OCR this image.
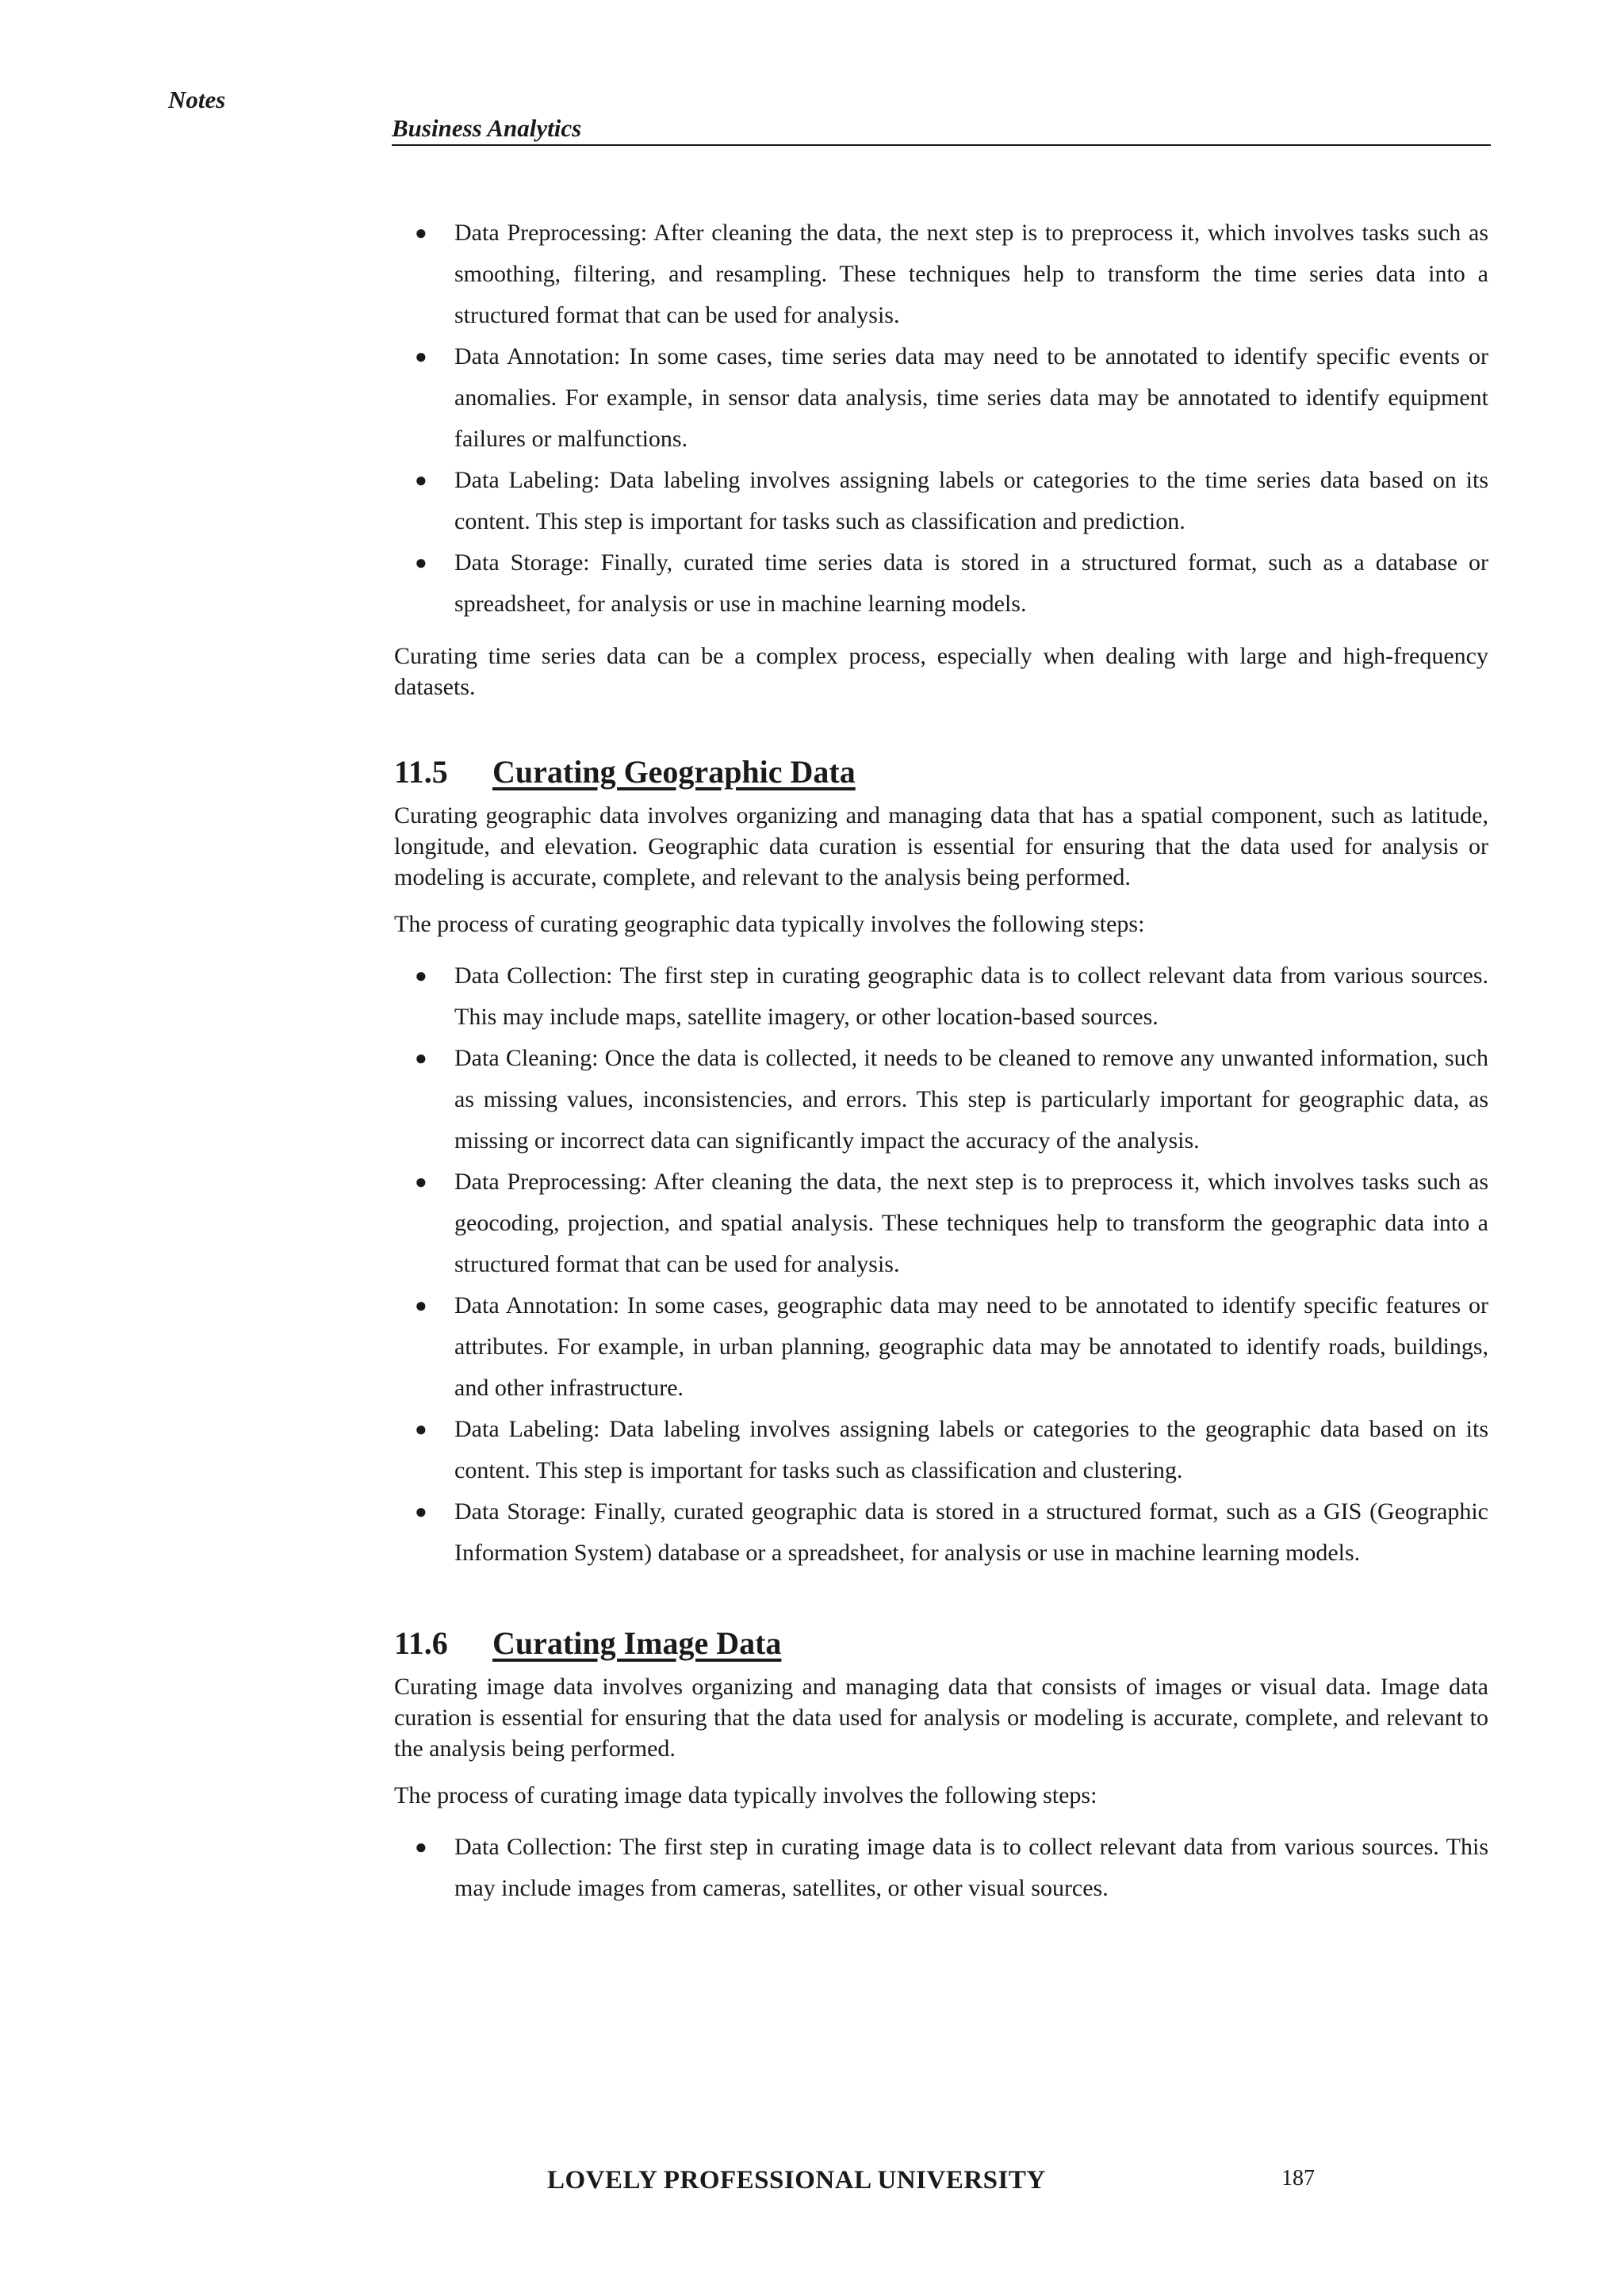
Notes
Business Analytics
● Data Preprocessing: After cleaning the data, the next step is to preprocess it, which involves tasks such as smoothing, filtering, and resampling. These techniques help to transform the time series data into a structured format that can be used for analysis.
● Data Annotation: In some cases, time series data may need to be annotated to identify specific events or anomalies. For example, in sensor data analysis, time series data may be annotated to identify equipment failures or malfunctions.
● Data Labeling: Data labeling involves assigning labels or categories to the time series data based on its content. This step is important for tasks such as classification and prediction.
● Data Storage: Finally, curated time series data is stored in a structured format, such as a database or spreadsheet, for analysis or use in machine learning models.

Curating time series data can be a complex process, especially when dealing with large and high-frequency datasets.

11.5	Curating Geographic Data

Curating geographic data involves organizing and managing data that has a spatial component, such as latitude, longitude, and elevation. Geographic data curation is essential for ensuring that the data used for analysis or modeling is accurate, complete, and relevant to the analysis being performed.

The process of curating geographic data typically involves the following steps:

● Data Collection: The first step in curating geographic data is to collect relevant data from various sources. This may include maps, satellite imagery, or other location-based sources.
● Data Cleaning: Once the data is collected, it needs to be cleaned to remove any unwanted information, such as missing values, inconsistencies, and errors. This step is particularly important for geographic data, as missing or incorrect data can significantly impact the accuracy of the analysis.
● Data Preprocessing: After cleaning the data, the next step is to preprocess it, which involves tasks such as geocoding, projection, and spatial analysis. These techniques help to transform the geographic data into a structured format that can be used for analysis.
● Data Annotation: In some cases, geographic data may need to be annotated to identify specific features or attributes. For example, in urban planning, geographic data may be annotated to identify roads, buildings, and other infrastructure.
● Data Labeling: Data labeling involves assigning labels or categories to the geographic data based on its content. This step is important for tasks such as classification and clustering.
● Data Storage: Finally, curated geographic data is stored in a structured format, such as a GIS (Geographic Information System) database or a spreadsheet, for analysis or use in machine learning models.
11.6	Curating Image Data

Curating image data involves organizing and managing data that consists of images or visual data. Image data curation is essential for ensuring that the data used for analysis or modeling is accurate, complete, and relevant to the analysis being performed.

The process of curating image data typically involves the following steps:

● Data Collection: The first step in curating image data is to collect relevant data from various sources. This may include images from cameras, satellites, or other visual sources.
LOVELY PROFESSIONAL UNIVERSITY	187
